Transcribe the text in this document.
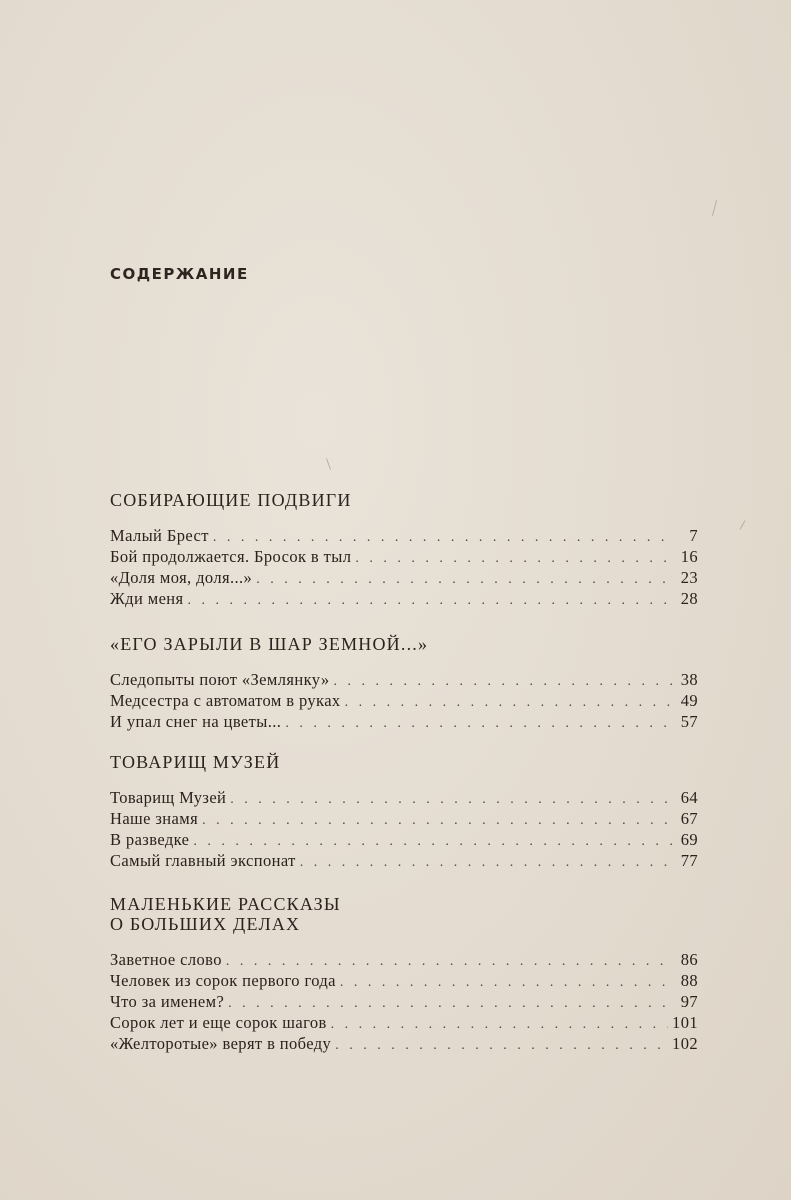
СОДЕРЖАНИЕ
СОБИРАЮЩИЕ ПОДВИГИ
Малый Брест . . .	7
Бой продолжается. Бросок в тыл . . .	16
«Доля моя, доля...» . . .	23
Жди меня . . .	28
«ЕГО ЗАРЫЛИ В ШАР ЗЕМНОЙ...»
Следопыты поют «Землянку» . . .	38
Медсестра с автоматом в руках . . .	49
И упал снег на цветы... . . .	57
ТОВАРИЩ МУЗЕЙ
Товарищ Музей . . .	64
Наше знамя . . .	67
В разведке . . .	69
Самый главный экспонат . . .	77
МАЛЕНЬКИЕ РАССКАЗЫ
О БОЛЬШИХ ДЕЛАХ
Заветное слово . . .	86
Человек из сорок первого года . . .	88
Что за именем? . . .	97
Сорок лет и еще сорок шагов . . .	101
«Желторотые» верят в победу . . .	102
